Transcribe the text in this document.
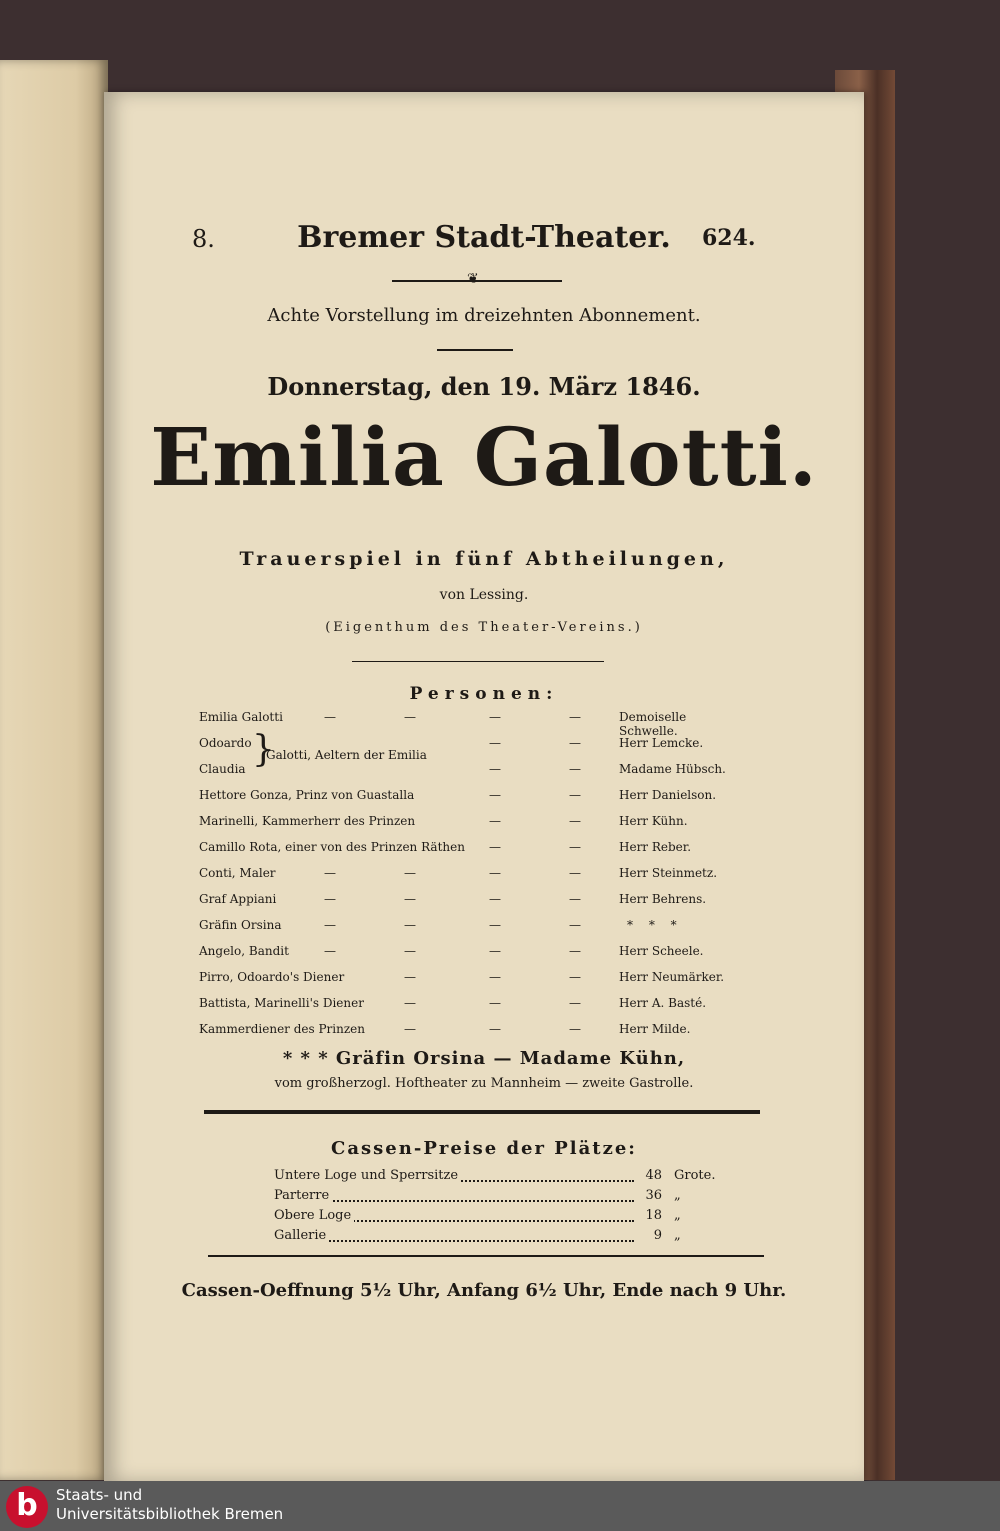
8.	Bremer Stadt-Theater.	624.
❦
Achte Vorstellung im dreizehnten Abonnement.
Donnerstag, den 19. März 1846.
Emilia Galotti.
Trauerspiel in fünf Abtheilungen,
von Lessing.
(Eigenthum des Theater-Vereins.)
Personen:
Emilia Galotti	—	—	—	—	Demoiselle Schwelle.
Odoardo	—	—	Herr Lemcke.
Claudia	—	—	Madame Hübsch.
}
Galotti, Aeltern der Emilia
Hettore Gonza, Prinz von Guastalla	—	—	Herr Danielson.
Marinelli, Kammerherr des Prinzen	—	—	Herr Kühn.
Camillo Rota, einer von des Prinzen Räthen —	—	Herr Reber.
Conti, Maler	—	—	—	—	Herr Steinmetz.
Graf Appiani	—	—	—	—	Herr Behrens.
Gräfin Orsina	—	—	—	—	* * *
Angelo, Bandit	—	—	—	—	Herr Scheele.
Pirro, Odoardo's Diener	—	—	—	Herr Neumärker.
Battista, Marinelli's Diener	—	—	—	Herr A. Basté.
Kammerdiener des Prinzen	—	—	—	Herr Milde.
* * * Gräfin Orsina — Madame Kühn,
vom großherzogl. Hoftheater zu Mannheim — zweite Gastrolle.
Cassen-Preise der Plätze:
Untere Loge und Sperrsitze	48 Grote.
Parterre	36 „
Obere Loge	18 „
Gallerie	9 „
Cassen-Oeffnung 5½ Uhr, Anfang 6½ Uhr, Ende nach 9 Uhr.
b	Staats- und
Universitätsbibliothek Bremen
